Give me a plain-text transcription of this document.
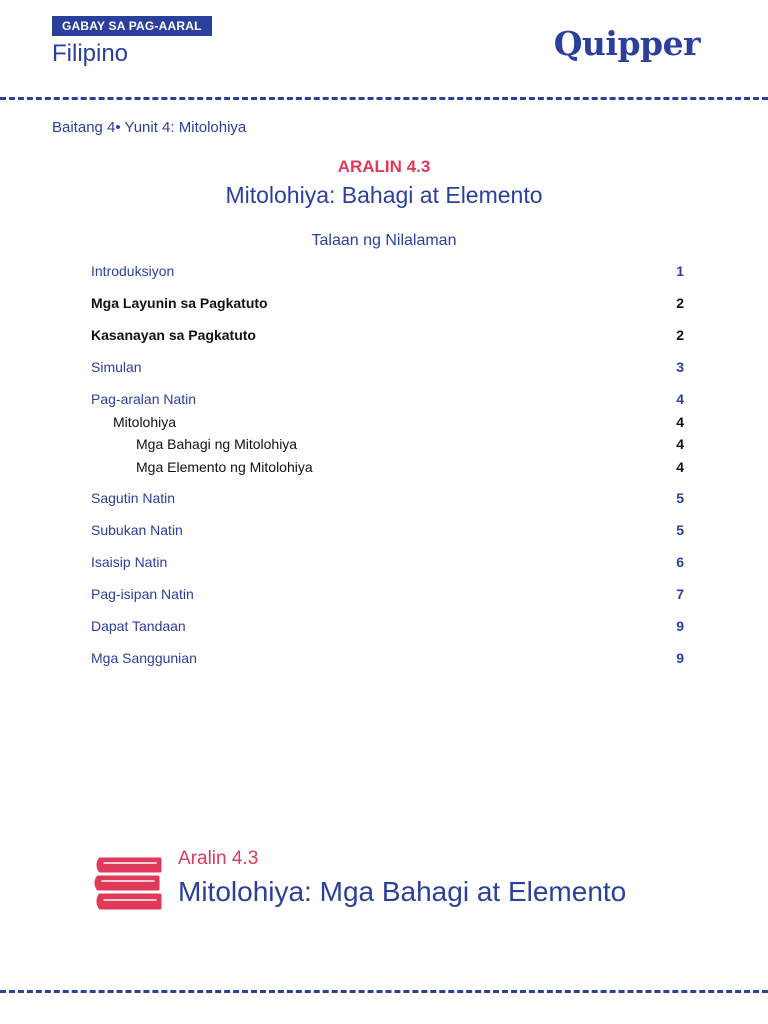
GABAY SA PAG-AARAL
Filipino	Quipper
Baitang 4• Yunit 4: Mitolohiya
ARALIN 4.3
Mitolohiya: Bahagi at Elemento
Talaan ng Nilalaman
Introduksiyon	1
Mga Layunin sa Pagkatuto	2
Kasanayan sa Pagkatuto	2
Simulan	3
Pag-aralan Natin	4
Mitolohiya	4
Mga Bahagi ng Mitolohiya	4
Mga Elemento ng Mitolohiya	4
Sagutin Natin	5
Subukan Natin	5
Isaisip Natin	6
Pag-isipan Natin	7
Dapat Tandaan	9
Mga Sanggunian	9
Aralin 4.3
Mitolohiya: Mga Bahagi at Elemento
